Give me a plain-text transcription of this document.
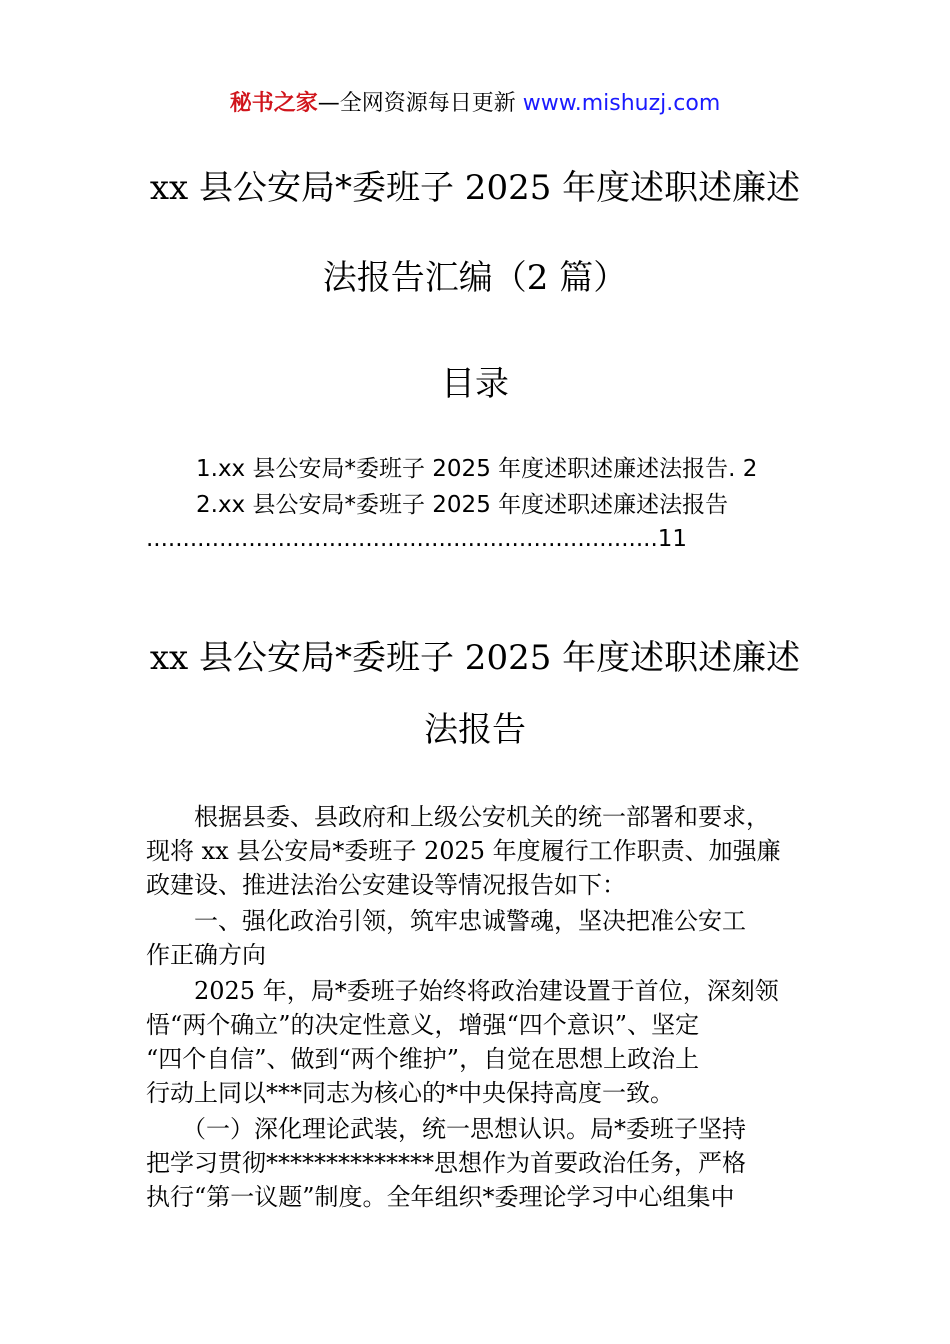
秘书之家—全网资源每日更新 www.mishuzj.com
xx 县公安局*委班子 2025 年度述职述廉述
法报告汇编（2 篇）
目录
1.xx 县公安局*委班子 2025 年度述职述廉述法报告. 2
2.xx 县公安局*委班子 2025 年度述职述廉述法报告
......................................................................11
xx 县公安局*委班子 2025 年度述职述廉述
法报告
　　根据县委、县政府和上级公安机关的统一部署和要求，
现将 xx 县公安局*委班子 2025 年度履行工作职责、加强廉
政建设、推进法治公安建设等情况报告如下：
　　一、强化政治引领，筑牢忠诚警魂，坚决把准公安工
作正确方向
　　2025 年，局*委班子始终将政治建设置于首位，深刻领
悟“两个确立”的决定性意义，增强“四个意识”、坚定
“四个自信”、做到“两个维护”，自觉在思想上政治上
行动上同以***同志为核心的*中央保持高度一致。
　　（一）深化理论武装，统一思想认识。局*委班子坚持
把学习贯彻**************思想作为首要政治任务，严格
执行“第一议题”制度。全年组织*委理论学习中心组集中
